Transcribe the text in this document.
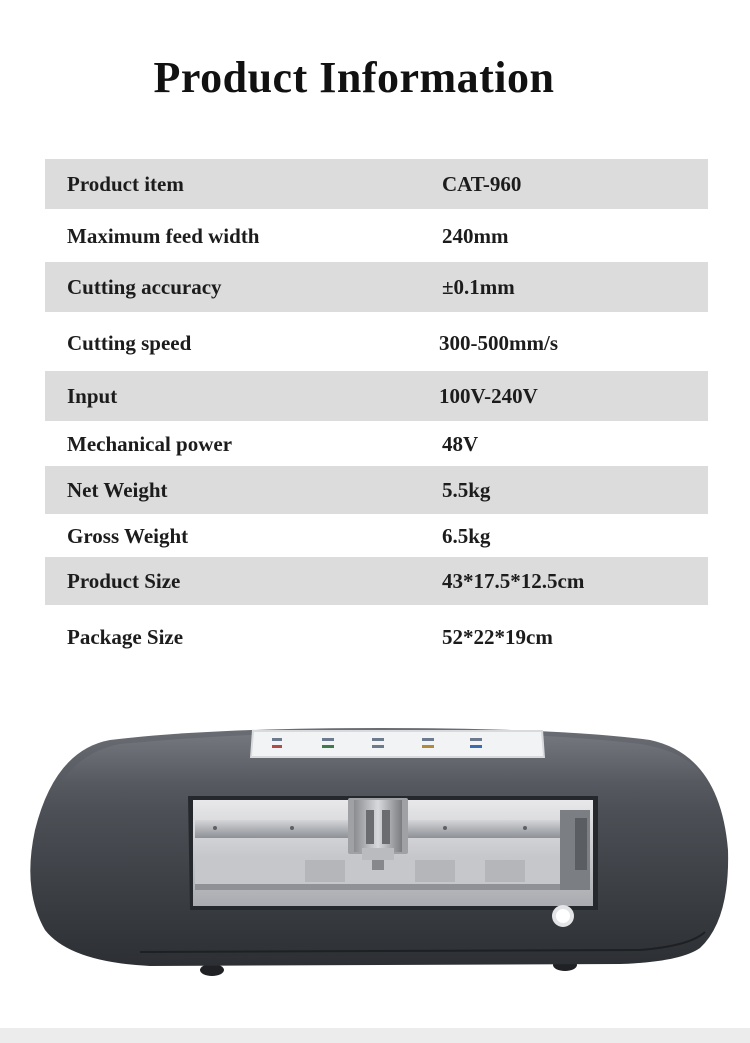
Product Information
Product item	CAT-960
Maximum feed width	240mm
Cutting accuracy	±0.1mm
Cutting speed	300-500mm/s
Input	100V-240V
Mechanical power	48V
Net Weight	5.5kg
Gross Weight	6.5kg
Product Size	43*17.5*12.5cm
Package Size	52*22*19cm
